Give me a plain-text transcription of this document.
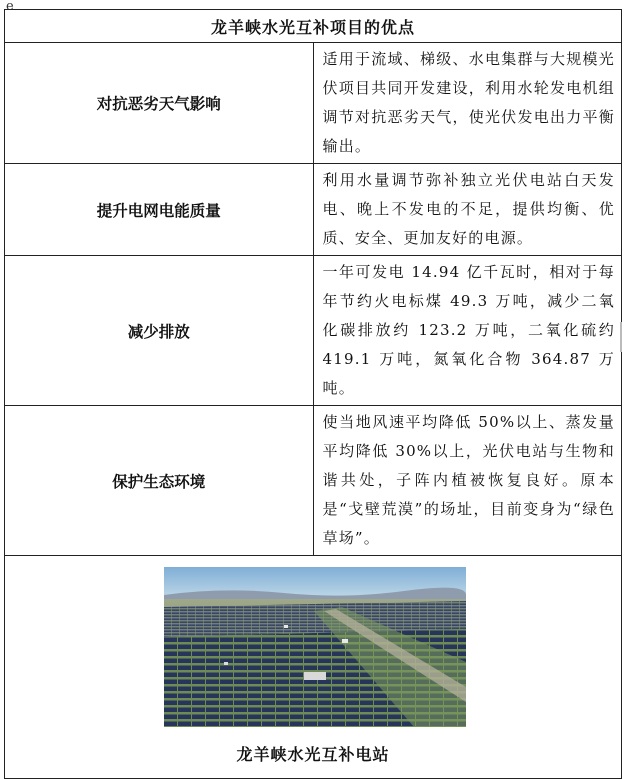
e
龙羊峡水光互补项目的优点	
对抗恶劣天气影响	适用于流域、梯级、水电集群与大规模光伏项目共同开发建设，利用水轮发电机组调节对抗恶劣天气，使光伏发电出力平衡输出。
提升电网电能质量	利用水量调节弥补独立光伏电站白天发电、晚上不发电的不足，提供均衡、优质、安全、更加友好的电源。
减少排放	一年可发电 14.94 亿千瓦时，相对于每年节约火电标煤 49.3 万吨，减少二氧化碳排放约 123.2 万吨，二氧化硫约 419.1 万吨，氮氧化合物 364.87 万吨。
保护生态环境	使当地风速平均降低 50%以上、蒸发量平均降低 30%以上，光伏电站与生物和谐共处，子阵内植被恢复良好。原本是“戈壁荒漠”的场址，目前变身为“绿色草场”。

龙羊峡水光互补电站	
